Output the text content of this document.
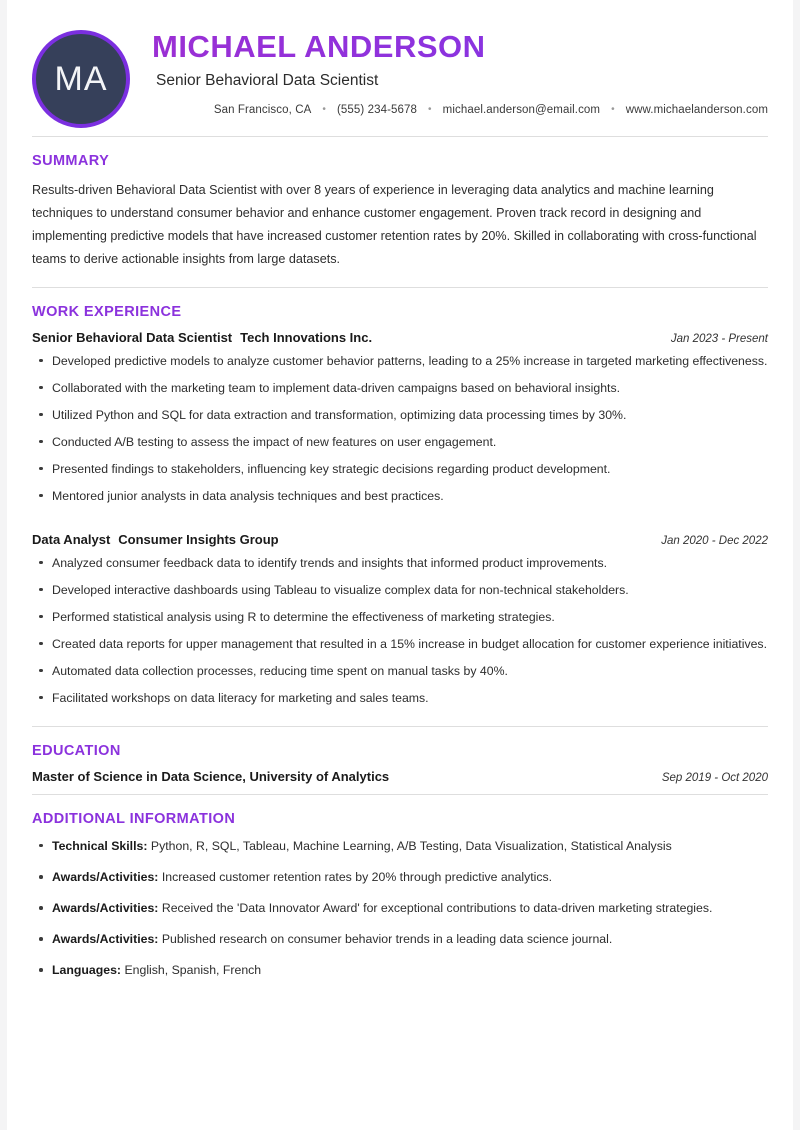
MA
MICHAEL ANDERSON
Senior Behavioral Data Scientist
San Francisco, CA	• (555) 234-5678	• michael.anderson@email.com	• www.michaelanderson.com
SUMMARY

Results-driven Behavioral Data Scientist with over 8 years of experience in leveraging data analytics and machine learning techniques to understand consumer behavior and enhance customer engagement. Proven track record in designing and implementing predictive models that have increased customer retention rates by 20%. Skilled in collaborating with cross-functional teams to derive actionable insights from large datasets.

WORK EXPERIENCE
Senior Behavioral Data Scientist Tech Innovations Inc.	Jan 2023 - Present
Developed predictive models to analyze customer behavior patterns, leading to a 25% increase in targeted marketing effectiveness.
Collaborated with the marketing team to implement data-driven campaigns based on behavioral insights.
Utilized Python and SQL for data extraction and transformation, optimizing data processing times by 30%.
Conducted A/B testing to assess the impact of new features on user engagement.
Presented findings to stakeholders, influencing key strategic decisions regarding product development.
Mentored junior analysts in data analysis techniques and best practices.
Data Analyst Consumer Insights Group	Jan 2020 - Dec 2022
Analyzed consumer feedback data to identify trends and insights that informed product improvements.
Developed interactive dashboards using Tableau to visualize complex data for non-technical stakeholders.
Performed statistical analysis using R to determine the effectiveness of marketing strategies.
Created data reports for upper management that resulted in a 15% increase in budget allocation for customer experience initiatives.
Automated data collection processes, reducing time spent on manual tasks by 40%.
Facilitated workshops on data literacy for marketing and sales teams.
EDUCATION
Master of Science in Data Science, University of Analytics	Sep 2019 - Oct 2020
ADDITIONAL INFORMATION
Technical Skills: Python, R, SQL, Tableau, Machine Learning, A/B Testing, Data Visualization, Statistical Analysis
Awards/Activities: Increased customer retention rates by 20% through predictive analytics.
Awards/Activities: Received the 'Data Innovator Award' for exceptional contributions to data-driven marketing strategies.
Awards/Activities: Published research on consumer behavior trends in a leading data science journal.
Languages: English, Spanish, French
